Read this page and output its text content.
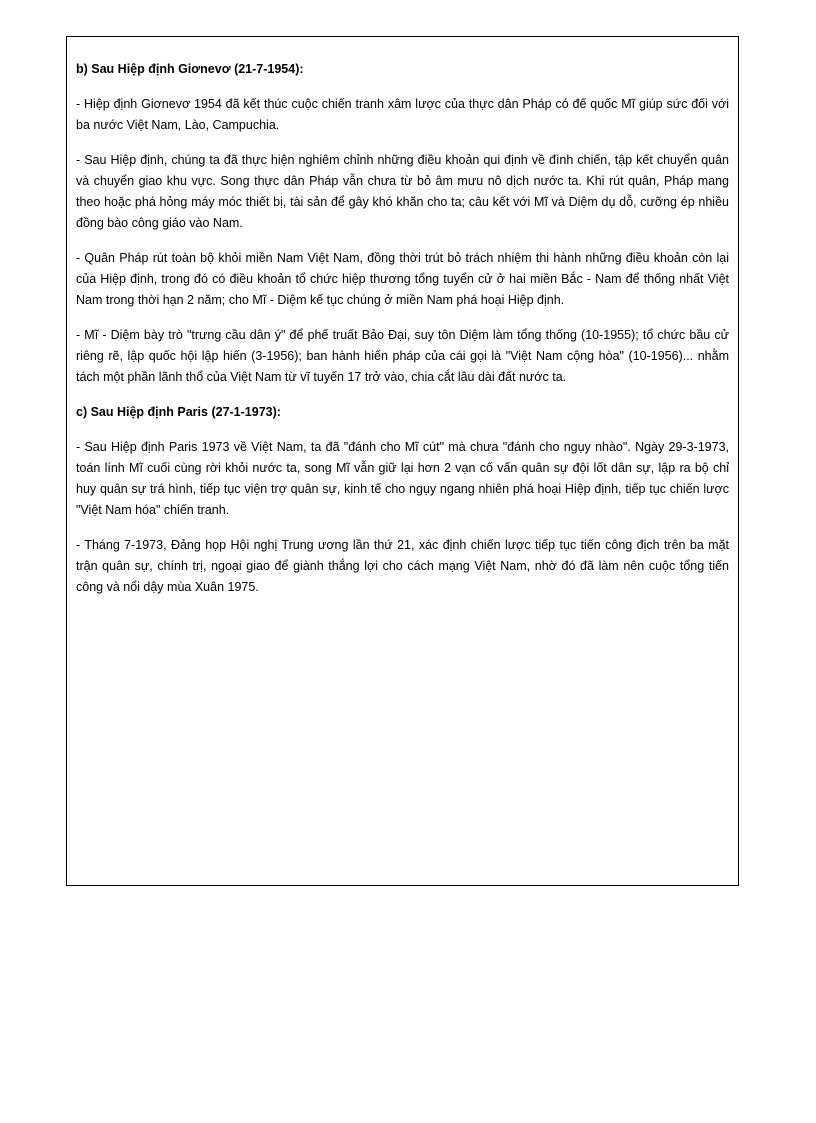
b) Sau Hiệp định Giơnevơ (21-7-1954):
- Hiệp định Giơnevơ 1954 đã kết thúc cuộc chiến tranh xâm lược của thực dân Pháp có đế quốc Mĩ giúp sức đối với ba nước Việt Nam, Lào, Campuchia.
- Sau Hiệp định, chúng ta đã thực hiện nghiêm chỉnh những điều khoản qui định về đình chiến, tập kết chuyển quân và chuyển giao khu vực. Song thực dân Pháp vẫn chưa từ bỏ âm mưu nô dịch nước ta. Khi rút quân, Pháp mang theo hoặc phá hỏng máy móc thiết bị, tài sản để gây khó khăn cho ta; câu kết với Mĩ và Diệm dụ dỗ, cưỡng ép nhiều đồng bào công giáo vào Nam.
- Quân Pháp rút toàn bộ khỏi miền Nam Việt Nam, đồng thời trút bỏ trách nhiệm thi hành những điều khoản còn lại của Hiệp định, trong đó có điều khoản tổ chức hiệp thương tổng tuyển cử ở hai miền Bắc - Nam để thống nhất Việt Nam trong thời hạn 2 năm; cho Mĩ - Diệm kế tục chúng ở miền Nam phá hoại Hiệp định.
- Mĩ - Diệm bày trò "trưng cầu dân ý" để phế truất Bảo Đại, suy tôn Diệm làm tổng thống (10-1955); tổ chức bầu cử riêng rẽ, lập quốc hội lập hiến (3-1956); ban hành hiến pháp của cái gọi là "Việt Nam cộng hòa" (10-1956)... nhằm tách một phần lãnh thổ của Việt Nam từ vĩ tuyến 17 trở vào, chia cắt lâu dài đất nước ta.
c) Sau Hiệp định Paris (27-1-1973):
- Sau Hiệp định Paris 1973 về Việt Nam, ta đã "đánh cho Mĩ cút" mà chưa "đánh cho ngụy nhào". Ngày 29-3-1973, toán lính Mĩ cuối cùng rời khỏi nước ta, song Mĩ vẫn giữ lại hơn 2 vạn cố vấn quân sự đội lốt dân sự, lập ra bộ chỉ huy quân sự trá hình, tiếp tục viện trợ quân sự, kinh tế cho ngụy ngang nhiên phá hoại Hiệp định, tiếp tục chiến lược "Việt Nam hóa" chiến tranh.
- Tháng 7-1973, Đảng họp Hội nghị Trung ương lần thứ 21, xác định chiến lược tiếp tục tiến công địch trên ba mặt trận quân sự, chính trị, ngoại giao để giành thắng lợi cho cách mạng Việt Nam, nhờ đó đã làm nên cuộc tổng tiến công và nổi dậy mùa Xuân 1975.
